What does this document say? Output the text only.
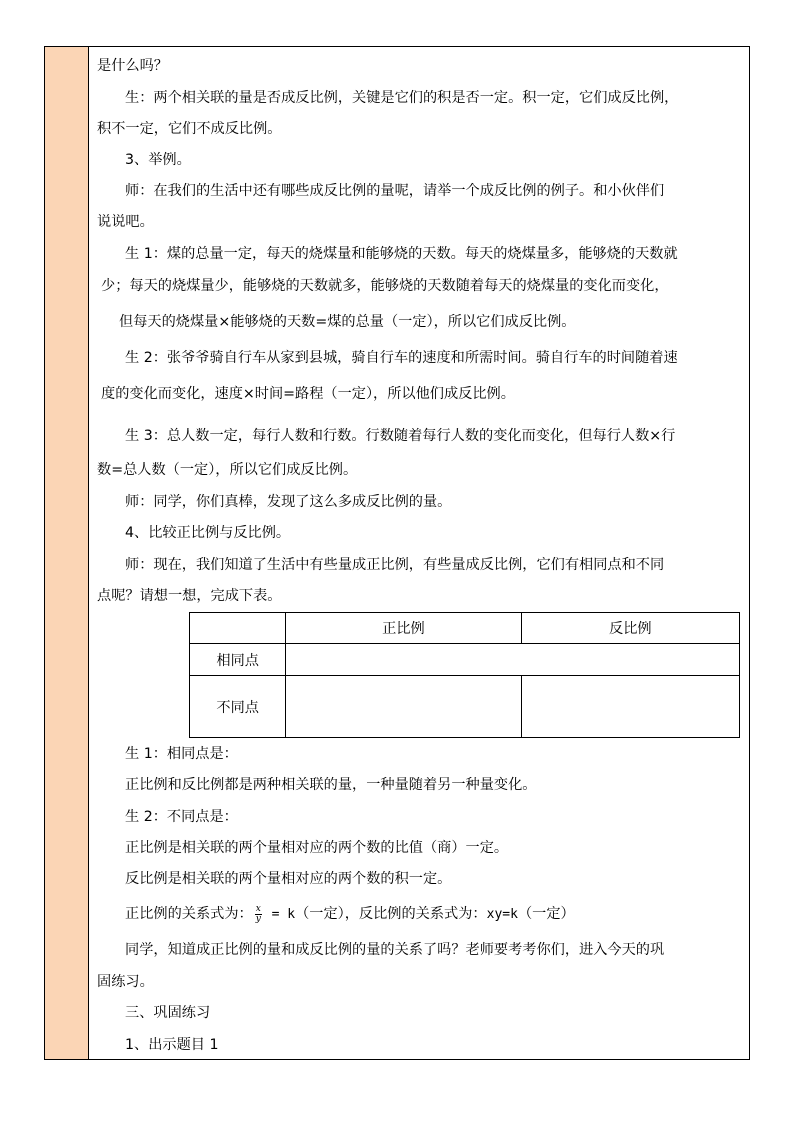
是什么吗？
生：两个相关联的量是否成反比例，关键是它们的积是否一定。积一定，它们成反比例，
积不一定，它们不成反比例。
3、举例。
师：在我们的生活中还有哪些成反比例的量呢，请举一个成反比例的例子。和小伙伴们
说说吧。
生 1：煤的总量一定，每天的烧煤量和能够烧的天数。每天的烧煤量多，能够烧的天数就
少；每天的烧煤量少，能够烧的天数就多，能够烧的天数随着每天的烧煤量的变化而变化，
但每天的烧煤量×能够烧的天数=煤的总量（一定），所以它们成反比例。
生 2：张爷爷骑自行车从家到县城，骑自行车的速度和所需时间。骑自行车的时间随着速
度的变化而变化，速度×时间=路程（一定），所以他们成反比例。
生 3：总人数一定，每行人数和行数。行数随着每行人数的变化而变化，但每行人数×行
数=总人数（一定），所以它们成反比例。
师：同学，你们真棒，发现了这么多成反比例的量。
4、比较正比例与反比例。
师：现在，我们知道了生活中有些量成正比例，有些量成反比例，它们有相同点和不同
点呢？请想一想，完成下表。
	正比例	反比例
相同点		
不同点		
生 1：相同点是：
正比例和反比例都是两种相关联的量，一种量随着另一种量变化。
生 2：不同点是：
正比例是相关联的两个量相对应的两个数的比值（商）一定。
反比例是相关联的两个量相对应的两个数的积一定。
正比例的关系式为： $\frac{x}{y} = k$（一定），反比例的关系式为：xy=k（一定）
同学，知道成正比例的量和成反比例的量的关系了吗？老师要考考你们，进入今天的巩
固练习。
三、巩固练习
1、出示题目 1
